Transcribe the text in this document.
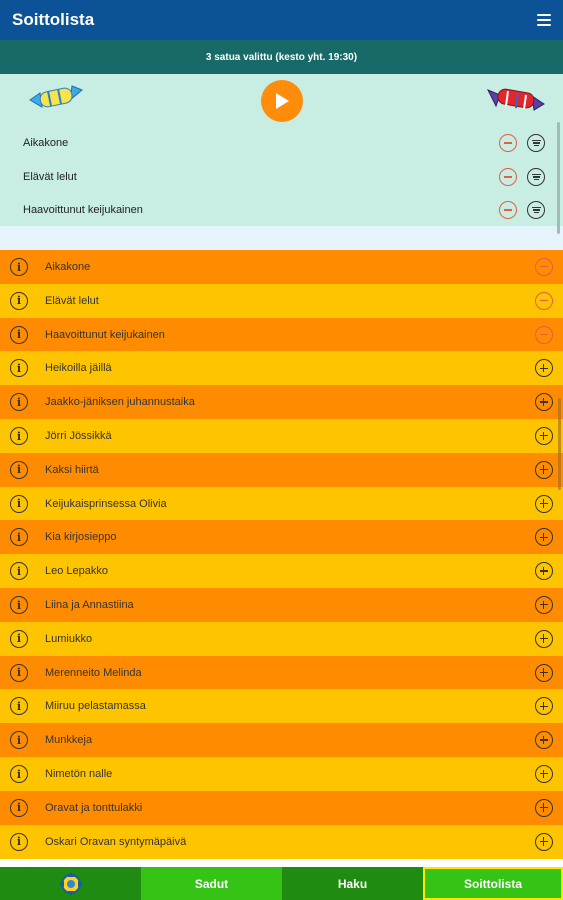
Soittolista
3 satua valittu (kesto yht. 19:30)
Aikakone
Elävät lelut
Haavoittunut keijukainen
i	Aikakone
i	Elävät lelut
i	Haavoittunut keijukainen
i	Heikoilla jäillä
i	Jaakko-jäniksen juhannustaika
i	Jörri Jössikkä
i	Kaksi hiirtä
i	Keijukaisprinsessa Olivia
i	Kia kirjosieppo
i	Leo Lepakko
i	Liina ja Annastiina
i	Lumiukko
i	Merenneito Melinda
i	Miiruu pelastamassa
i	Munkkeja
i	Nimetön nalle
i	Oravat ja tonttulakki
i	Oskari Oravan syntymäpäivä
Sadut	Haku	Soittolista
